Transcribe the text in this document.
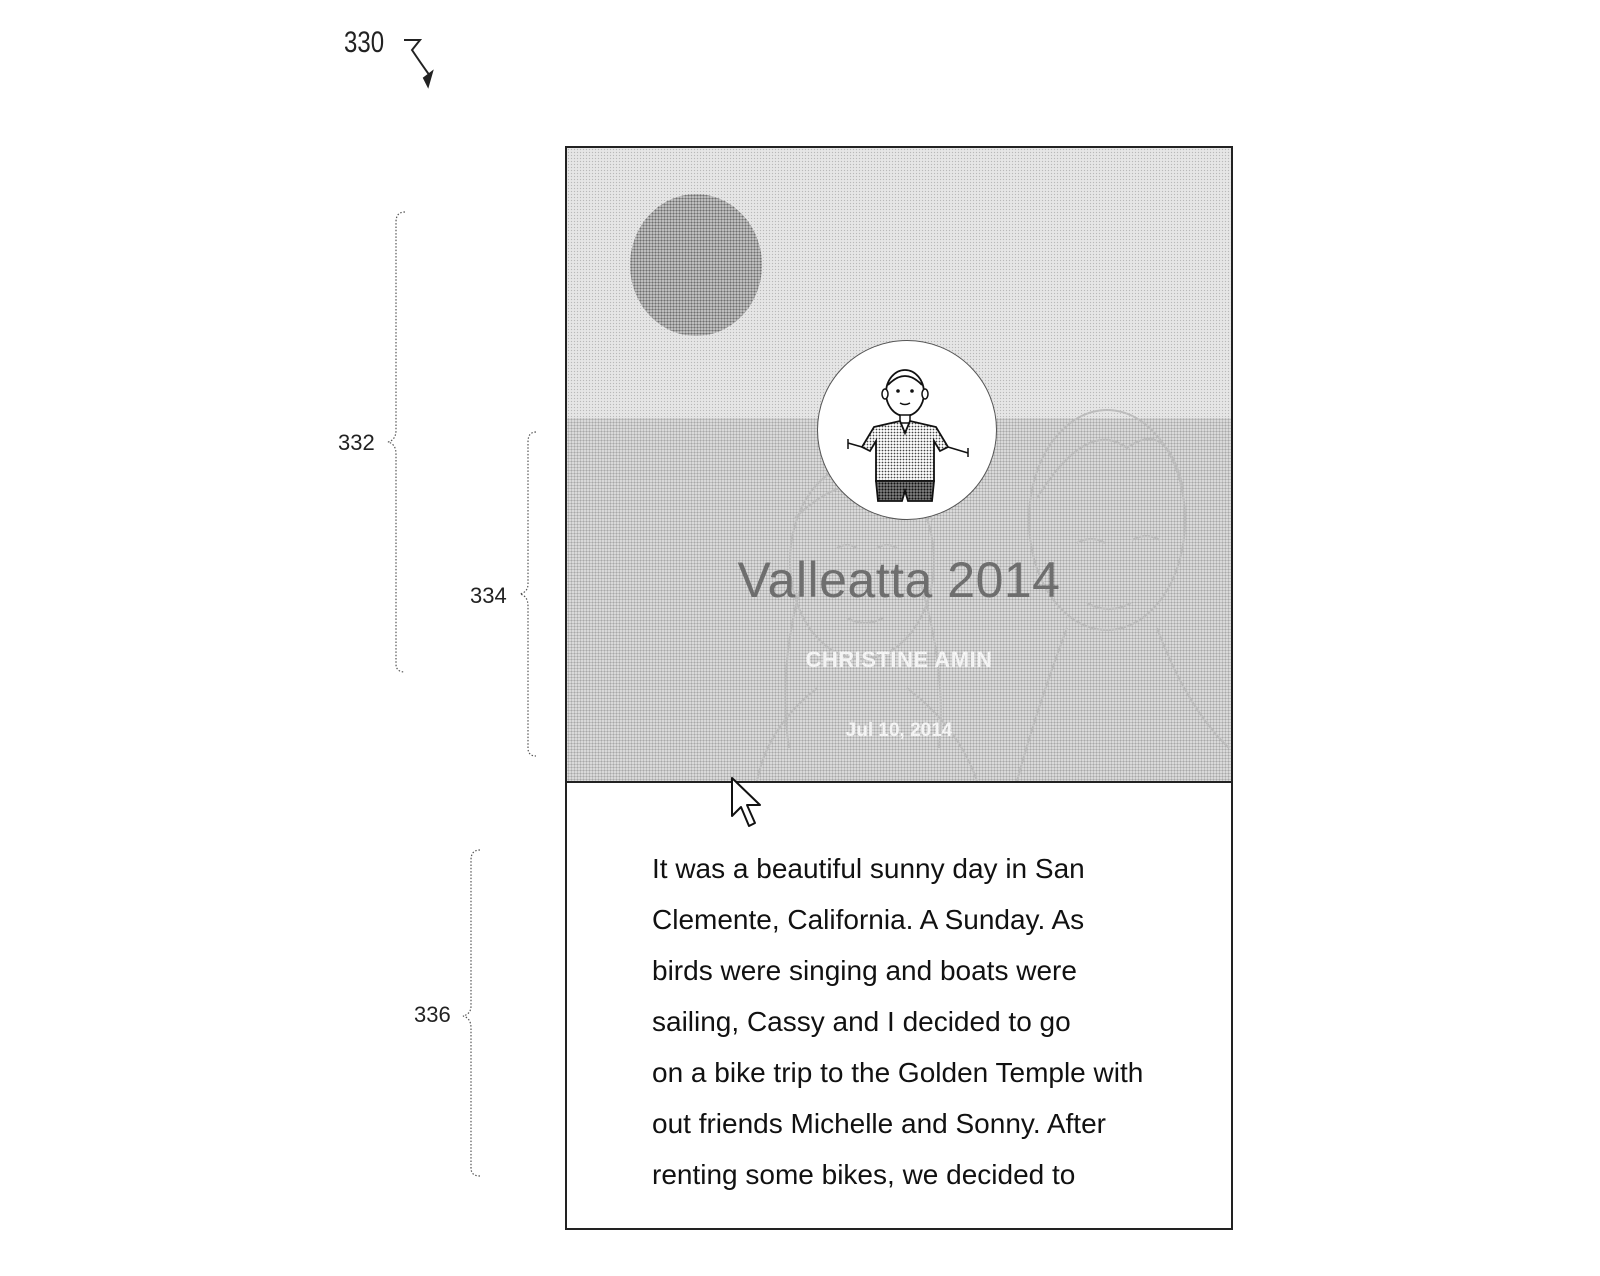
330
332
334
336
Valleatta 2014
CHRISTINE AMIN
Jul 10, 2014

It was a beautiful sunny day in San

Clemente, California. A Sunday. As

birds were singing and boats were

sailing, Cassy and I decided to go

on a bike trip to the Golden Temple with

out friends Michelle and Sonny. After

renting some bikes, we decided to
